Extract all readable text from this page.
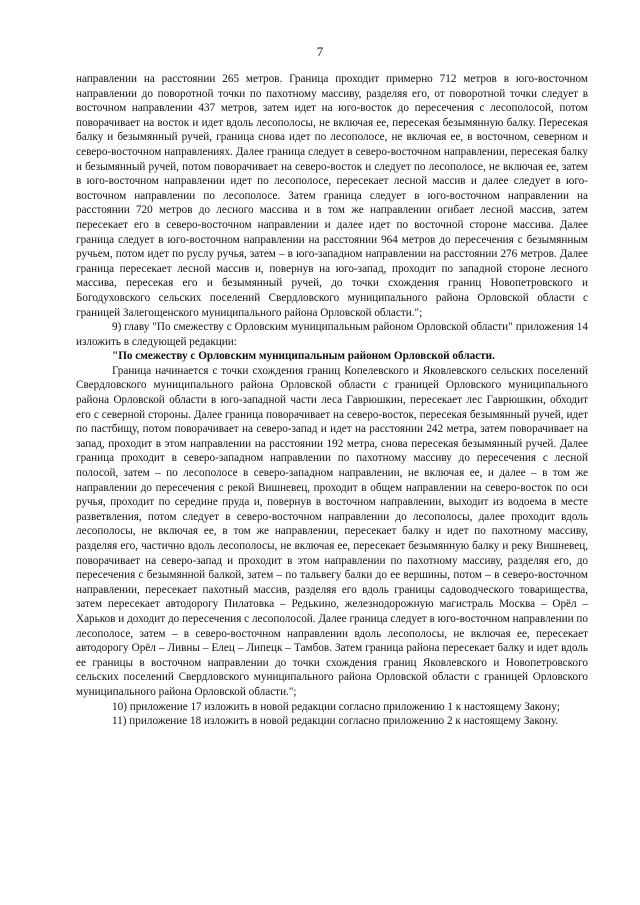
7

направлении на расстоянии 265 метров. Граница проходит примерно 712 метров в юго-восточном направлении до поворотной точки по пахотному массиву, разделяя его, от поворотной точки следует в восточном направлении 437 метров, затем идет на юго-восток до пересечения с лесополосой, потом поворачивает на восток и идет вдоль лесополосы, не включая ее, пересекая безымянную балку. Пересекая балку и безымянный ручей, граница снова идет по лесополосе, не включая ее, в восточном, северном и северо-восточном направлениях. Далее граница следует в северо-восточном направлении, пересекая балку и безымянный ручей, потом поворачивает на северо-восток и следует по лесополосе, не включая ее, затем в юго-восточном направлении идет по лесополосе, пересекает лесной массив и далее следует в юго-восточном направлении по лесополосе. Затем граница следует в юго-восточном направлении на расстоянии 720 метров до лесного массива и в том же направлении огибает лесной массив, затем пересекает его в северо-восточном направлении и далее идет по восточной стороне массива. Далее граница следует в юго-восточном направлении на расстоянии 964 метров до пересечения с безымянным ручьем, потом идет по руслу ручья, затем – в юго-западном направлении на расстоянии 276 метров. Далее граница пересекает лесной массив и, повернув на юго-запад, проходит по западной стороне лесного массива, пересекая его и безымянный ручей, до точки схождения границ Новопетровского и Богодуховского сельских поселений Свердловского муниципального района Орловской области с границей Залегощенского муниципального района Орловской области.";

9) главу "По смежеству с Орловским муниципальным районом Орловской области" приложения 14 изложить в следующей редакции:

"По смежеству с Орловским муниципальным районом Орловской области.

Граница начинается с точки схождения границ Копелевского и Яковлевского сельских поселений Свердловского муниципального района Орловской области с границей Орловского муниципального района Орловской области в юго-западной части леса Гаврюшкин, пересекает лес Гаврюшкин, обходит его с северной стороны. Далее граница поворачивает на северо-восток, пересекая безымянный ручей, идет по пастбищу, потом поворачивает на северо-запад и идет на расстоянии 242 метра, затем поворачивает на запад, проходит в этом направлении на расстоянии 192 метра, снова пересекая безымянный ручей. Далее граница проходит в северо-западном направлении по пахотному массиву до пересечения с лесной полосой, затем – по лесополосе в северо-западном направлении, не включая ее, и далее – в том же направлении до пересечения с рекой Вишневец, проходит в общем направлении на северо-восток по оси ручья, проходит по середине пруда и, повернув в восточном направлении, выходит из водоема в месте разветвления, потом следует в северо-восточном направлении до лесополосы, далее проходит вдоль лесополосы, не включая ее, в том же направлении, пересекает балку и идет по пахотному массиву, разделяя его, частично вдоль лесополосы, не включая ее, пересекает безымянную балку и реку Вишневец, поворачивает на северо-запад и проходит в этом направлении по пахотному массиву, разделяя его, до пересечения с безымянной балкой, затем – по тальвегу балки до ее вершины, потом – в северо-восточном направлении, пересекает пахотный массив, разделяя его вдоль границы садоводческого товарищества, затем пересекает автодорогу Пилатовка – Редькино, железнодорожную магистраль Москва – Орёл – Харьков и доходит до пересечения с лесополосой. Далее граница следует в юго-восточном направлении по лесополосе, затем – в северо-восточном направлении вдоль лесополосы, не включая ее, пересекает автодорогу Орёл – Ливны – Елец – Липецк – Тамбов. Затем граница района пересекает балку и идет вдоль ее границы в восточном направлении до точки схождения границ Яковлевского и Новопетровского сельских поселений Свердловского муниципального района Орловской области с границей Орловского муниципального района Орловской области.";

10) приложение 17 изложить в новой редакции согласно приложению 1 к настоящему Закону;

11) приложение 18 изложить в новой редакции согласно приложению 2 к настоящему Закону.
